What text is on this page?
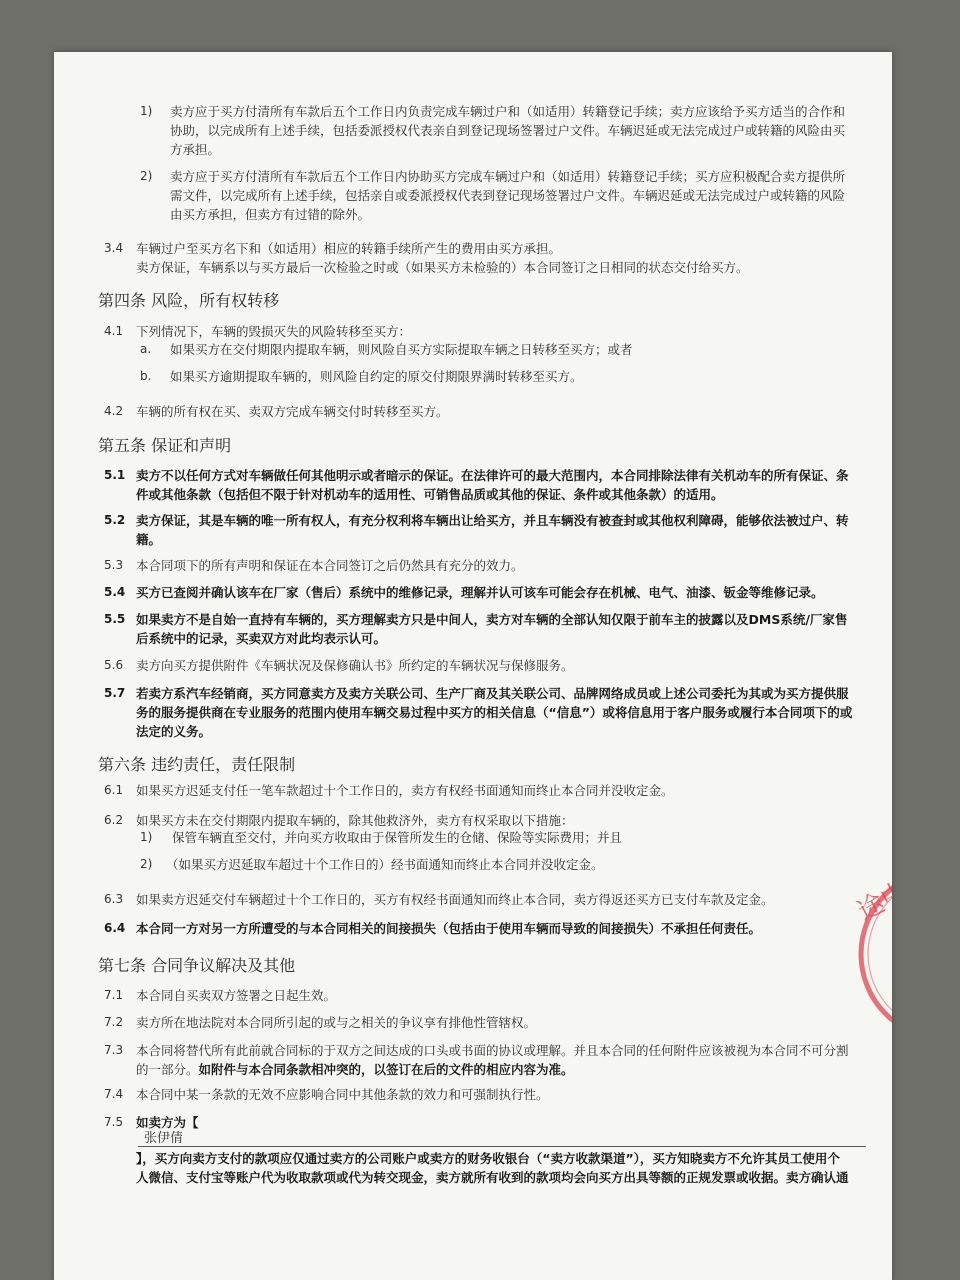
1) 卖方应于买方付清所有车款后五个工作日内负责完成车辆过户和（如适用）转籍登记手续；卖方应该给予买方适当的合作和
协助，以完成所有上述手续，包括委派授权代表亲自到登记现场签署过户文件。车辆迟延或无法完成过户或转籍的风险由买
方承担。
2) 卖方应于买方付清所有车款后五个工作日内协助买方完成车辆过户和（如适用）转籍登记手续；买方应积极配合卖方提供所
需文件，以完成所有上述手续，包括亲自或委派授权代表到登记现场签署过户文件。车辆迟延或无法完成过户或转籍的风险
由买方承担，但卖方有过错的除外。
3.4 车辆过户至买方名下和（如适用）相应的转籍手续所产生的费用由买方承担。
卖方保证，车辆系以与买方最后一次检验之时或（如果买方未检验的）本合同签订之日相同的状态交付给买方。
第四条 风险，所有权转移
4.1 下列情况下，车辆的毁损灭失的风险转移至买方：
a. 如果买方在交付期限内提取车辆，则风险自买方实际提取车辆之日转移至买方；或者
b. 如果买方逾期提取车辆的，则风险自约定的原交付期限界满时转移至买方。
4.2 车辆的所有权在买、卖双方完成车辆交付时转移至买方。
第五条 保证和声明
5.1 卖方不以任何方式对车辆做任何其他明示或者暗示的保证。在法律许可的最大范围内，本合同排除法律有关机动车的所有保证、条
件或其他条款（包括但不限于针对机动车的适用性、可销售品质或其他的保证、条件或其他条款）的适用。
5.2 卖方保证，其是车辆的唯一所有权人，有充分权利将车辆出让给买方，并且车辆没有被查封或其他权利障碍，能够依法被过户、转
籍。
5.3 本合同项下的所有声明和保证在本合同签订之后仍然具有充分的效力。
5.4 买方已查阅并确认该车在厂家（售后）系统中的维修记录，理解并认可该车可能会存在机械、电气、油漆、钣金等维修记录。
5.5 如果卖方不是自始一直持有车辆的，买方理解卖方只是中间人，卖方对车辆的全部认知仅限于前车主的披露以及DMS系统/厂家售
后系统中的记录，买卖双方对此均表示认可。
5.6 卖方向买方提供附件《车辆状况及保修确认书》所约定的车辆状况与保修服务。
5.7 若卖方系汽车经销商，买方同意卖方及卖方关联公司、生产厂商及其关联公司、品牌网络成员或上述公司委托为其或为买方提供服
务的服务提供商在专业服务的范围内使用车辆交易过程中买方的相关信息（“信息”）或将信息用于客户服务或履行本合同项下的或
法定的义务。
第六条 违约责任，责任限制
6.1 如果买方迟延支付任一笔车款超过十个工作日的，卖方有权经书面通知而终止本合同并没收定金。
6.2 如果买方未在交付期限内提取车辆的，除其他救济外，卖方有权采取以下措施：
1) 保管车辆直至交付，并向买方收取由于保管所发生的仓储、保险等实际费用；并且
2) （如果买方迟延取车超过十个工作日的）经书面通知而终止本合同并没收定金。
6.3 如果卖方迟延交付车辆超过十个工作日的，买方有权经书面通知而终止本合同，卖方得返还买方已支付车款及定金。
6.4 本合同一方对另一方所遭受的与本合同相关的间接损失（包括由于使用车辆而导致的间接损失）不承担任何责任。
第七条 合同争议解决及其他
7.1 本合同自买卖双方签署之日起生效。
7.2 卖方所在地法院对本合同所引起的或与之相关的争议享有排他性管辖权。
7.3 本合同将替代所有此前就合同标的于双方之间达成的口头或书面的协议或理解。并且本合同的任何附件应该被视为本合同不可分割
的一部分。如附件与本合同条款相冲突的，以签订在后的文件的相应内容为准。
7.4 本合同中某一条款的无效不应影响合同中其他条款的效力和可强制执行性。
7.5 如卖方为【
张伊倩
】，买方向卖方支付的款项应仅通过卖方的公司账户或卖方的财务收银台（“卖方收款渠道”），买方知晓卖方不允许其员工使用个
人微信、支付宝等账户代为收取款项或代为转交现金，卖方就所有收到的款项均会向买方出具等额的正规发票或收据。卖方确认通
途中
